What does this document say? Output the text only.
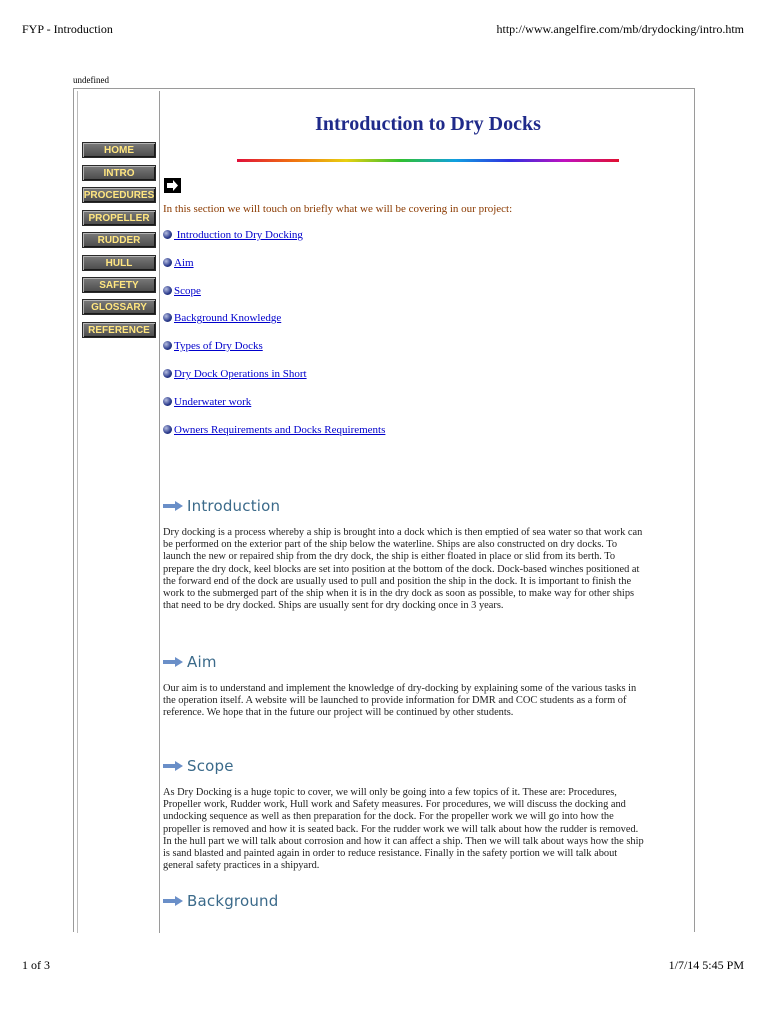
FYP - Introduction	http://www.angelfire.com/mb/drydocking/intro.htm
undefined
HOME
INTRO
PROCEDURES
PROPELLER
RUDDER
HULL
SAFETY
GLOSSARY
REFERENCE
Introduction to Dry Docks
In this section we will touch on briefly what we will be covering in our project:
Introduction to Dry Docking
Aim
Scope
Background Knowledge
Types of Dry Docks
Dry Dock Operations in Short
Underwater work
Owners Requirements and Docks Requirements
Introduction
Dry docking is a process whereby a ship is brought into a dock which is then emptied of sea water so that work can
be performed on the exterior part of the ship below the waterline. Ships are also constructed on dry docks. To
launch the new or repaired ship from the dry dock, the ship is either floated in place or slid from its berth. To
prepare the dry dock, keel blocks are set into position at the bottom of the dock. Dock-based winches positioned at
the forward end of the dock are usually used to pull and position the ship in the dock. It is important to finish the
work to the submerged part of the ship when it is in the dry dock as soon as possible, to make way for other ships
that need to be dry docked. Ships are usually sent for dry docking once in 3 years.
Aim
Our aim is to understand and implement the knowledge of dry-docking by explaining some of the various tasks in
the operation itself. A website will be launched to provide information for DMR and COC students as a form of
reference. We hope that in the future our project will be continued by other students.
Scope
As Dry Docking is a huge topic to cover, we will only be going into a few topics of it. These are: Procedures,
Propeller work, Rudder work, Hull work and Safety measures. For procedures, we will discuss the docking and
undocking sequence as well as then preparation for the dock. For the propeller work we will go into how the
propeller is removed and how it is seated back. For the rudder work we will talk about how the rudder is removed.
In the hull part we will talk about corrosion and how it can affect a ship. Then we will talk about ways how the ship
is sand blasted and painted again in order to reduce resistance. Finally in the safety portion we will talk about
general safety practices in a shipyard.
Background
1 of 3	1/7/14 5:45 PM
